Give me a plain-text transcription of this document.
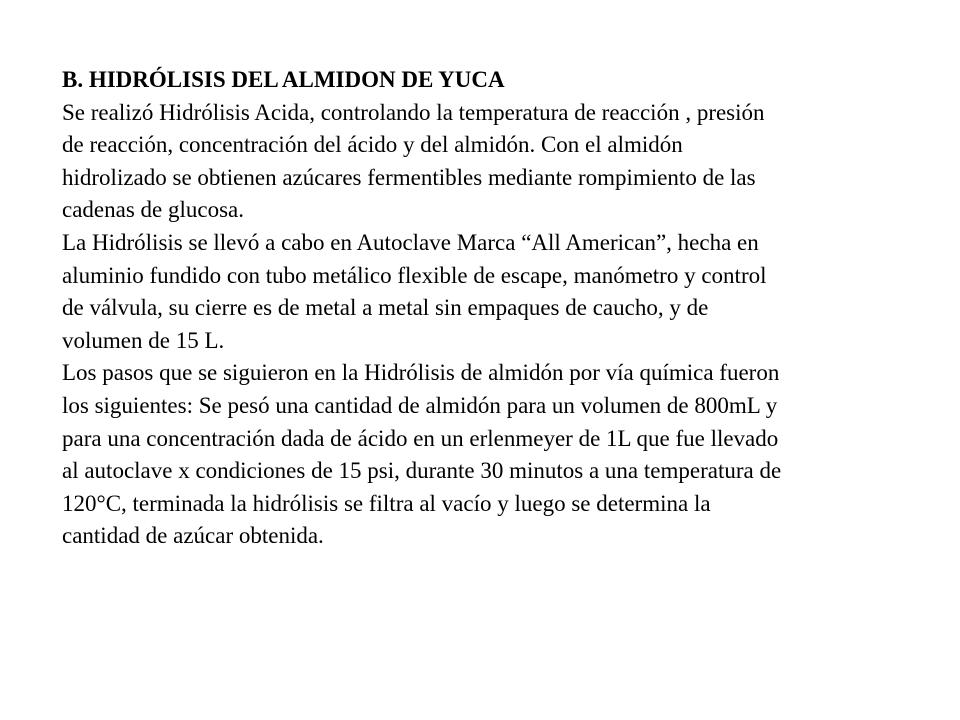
B. HIDRÓLISIS DEL ALMIDON DE YUCA

Se realizó Hidrólisis Acida, controlando la temperatura de reacción , presión

de reacción, concentración del ácido y del almidón. Con el almidón

hidrolizado se obtienen azúcares fermentibles mediante rompimiento de las

cadenas de glucosa.

La Hidrólisis se llevó a cabo en Autoclave Marca “All American”, hecha en

aluminio fundido con tubo metálico flexible de escape, manómetro y control

de válvula, su cierre es de metal a metal sin empaques de caucho, y de

volumen de 15 L.

Los pasos que se siguieron en la Hidrólisis de almidón por vía química fueron

los siguientes: Se pesó una cantidad de almidón para un volumen de 800mL y

para una concentración dada de ácido en un erlenmeyer de 1L que fue llevado

al autoclave x condiciones de 15 psi, durante 30 minutos a una temperatura de

120°C, terminada la hidrólisis se filtra al vacío y luego se determina la

cantidad de azúcar obtenida.
